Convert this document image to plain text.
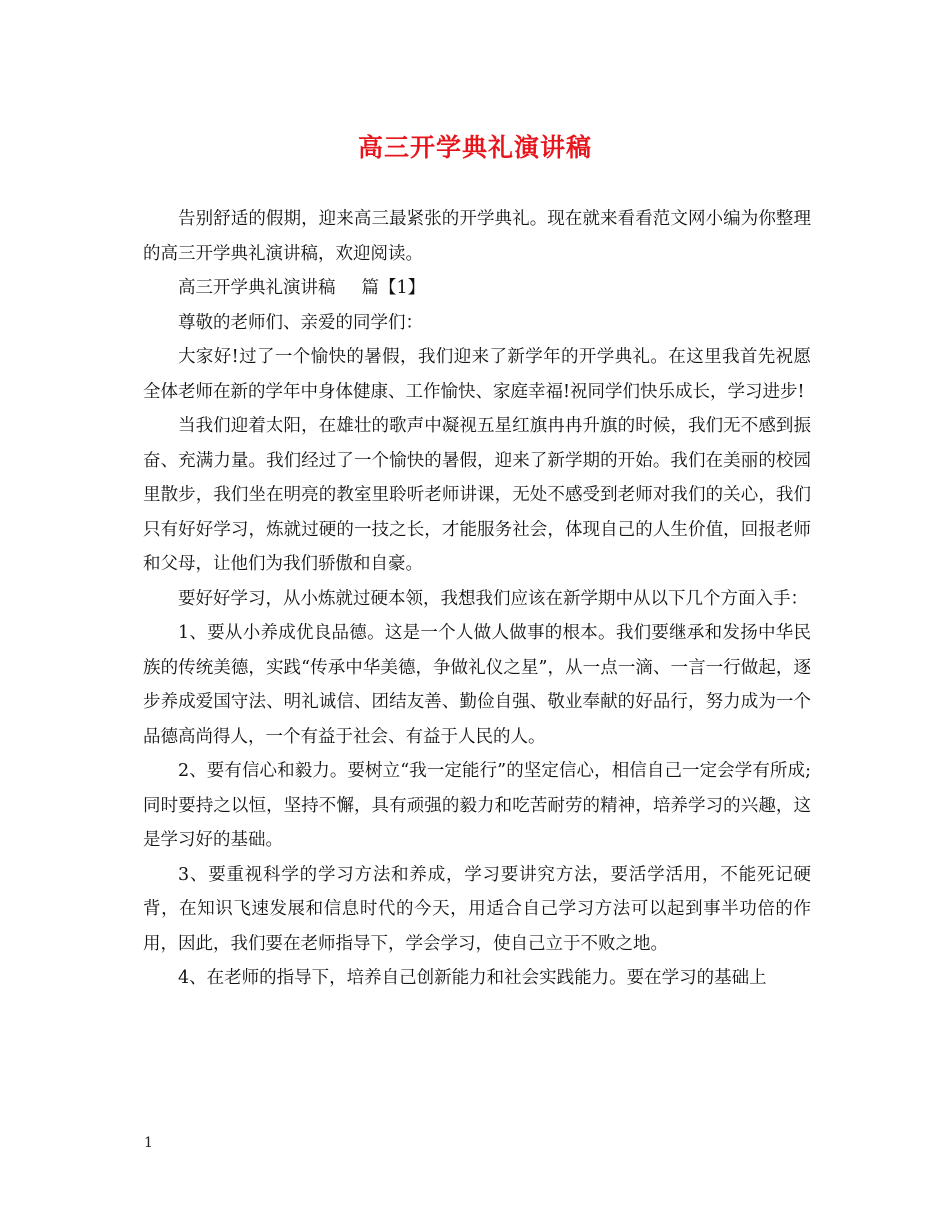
高三开学典礼演讲稿

告别舒适的假期，迎来高三最紧张的开学典礼。现在就来看看范文网小编为你整理的高三开学典礼演讲稿，欢迎阅读。

高三开学典礼演讲稿 篇【1】

尊敬的老师们、亲爱的同学们：

大家好!过了一个愉快的暑假，我们迎来了新学年的开学典礼。在这里我首先祝愿全体老师在新的学年中身体健康、工作愉快、家庭幸福!祝同学们快乐成长，学习进步!

当我们迎着太阳，在雄壮的歌声中凝视五星红旗冉冉升旗的时候，我们无不感到振奋、充满力量。我们经过了一个愉快的暑假，迎来了新学期的开始。我们在美丽的校园里散步，我们坐在明亮的教室里聆听老师讲课，无处不感受到老师对我们的关心，我们只有好好学习，炼就过硬的一技之长，才能服务社会，体现自己的人生价值，回报老师和父母，让他们为我们骄傲和自豪。

要好好学习，从小炼就过硬本领，我想我们应该在新学期中从以下几个方面入手：

1、要从小养成优良品德。这是一个人做人做事的根本。我们要继承和发扬中华民族的传统美德，实践“传承中华美德，争做礼仪之星”，从一点一滴、一言一行做起，逐步养成爱国守法、明礼诚信、团结友善、勤俭自强、敬业奉献的好品行，努力成为一个品德高尚得人，一个有益于社会、有益于人民的人。

2、要有信心和毅力。要树立“我一定能行”的坚定信心，相信自己一定会学有所成;同时要持之以恒，坚持不懈，具有顽强的毅力和吃苦耐劳的精神，培养学习的兴趣，这是学习好的基础。

3、要重视科学的学习方法和养成，学习要讲究方法，要活学活用，不能死记硬背，在知识飞速发展和信息时代的今天，用适合自己学习方法可以起到事半功倍的作用，因此，我们要在老师指导下，学会学习，使自己立于不败之地。

4、在老师的指导下，培养自己创新能力和社会实践能力。要在学习的基础上

1
